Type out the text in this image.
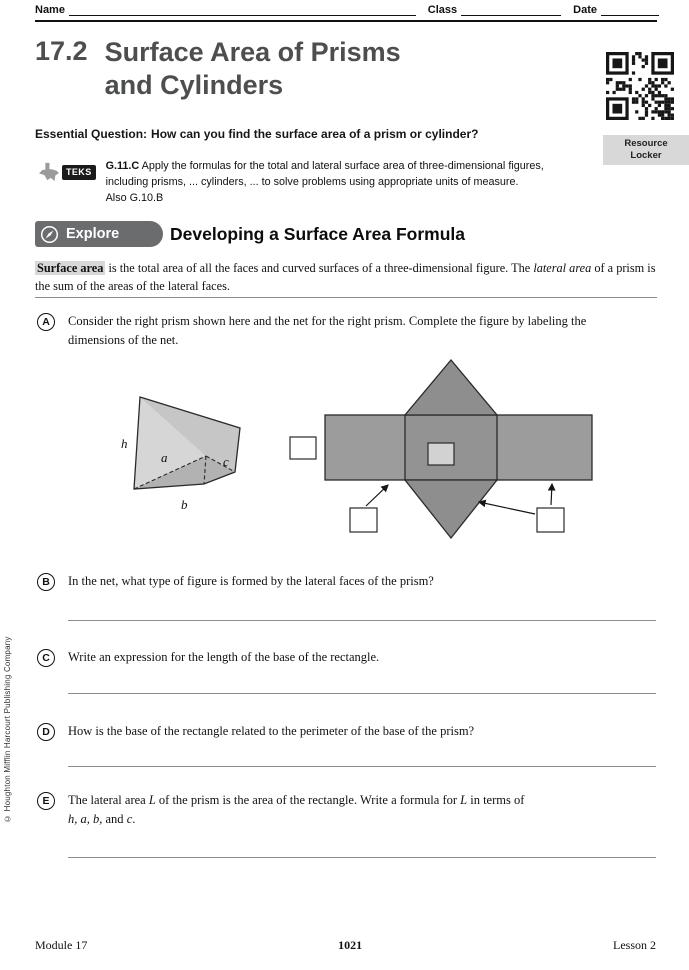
Name	Class	Date
17.2 Surface Area of Prisms
and Cylinders
Resource
Locker

Essential Question: How can you find the surface area of a prism or cylinder?

TEKS	G.11.C Apply the formulas for the total and lateral surface area of three-dimensional figures, including prisms, ... cylinders, ... to solve problems using appropriate units of measure.
Also G.10.B
Explore	Developing a Surface Area Formula

Surface area is the total area of all the faces and curved surfaces of a three-dimensional figure. The lateral area of a prism is the sum of the areas of the lateral faces.

A	Consider the right prism shown here and the net for the right prism. Complete the figure by labeling the dimensions of the net.
h
a	c
b
B	In the net, what type of figure is formed by the lateral faces of the prism?
C	Write an expression for the length of the base of the rectangle.
D	How is the base of the rectangle related to the perimeter of the base of the prism?
E	The lateral area L of the prism is the area of the rectangle. Write a formula for L in terms of
h, a, b, and c.
© Houghton Mifflin Harcourt Publishing Company
Module 17	1021	Lesson 2
